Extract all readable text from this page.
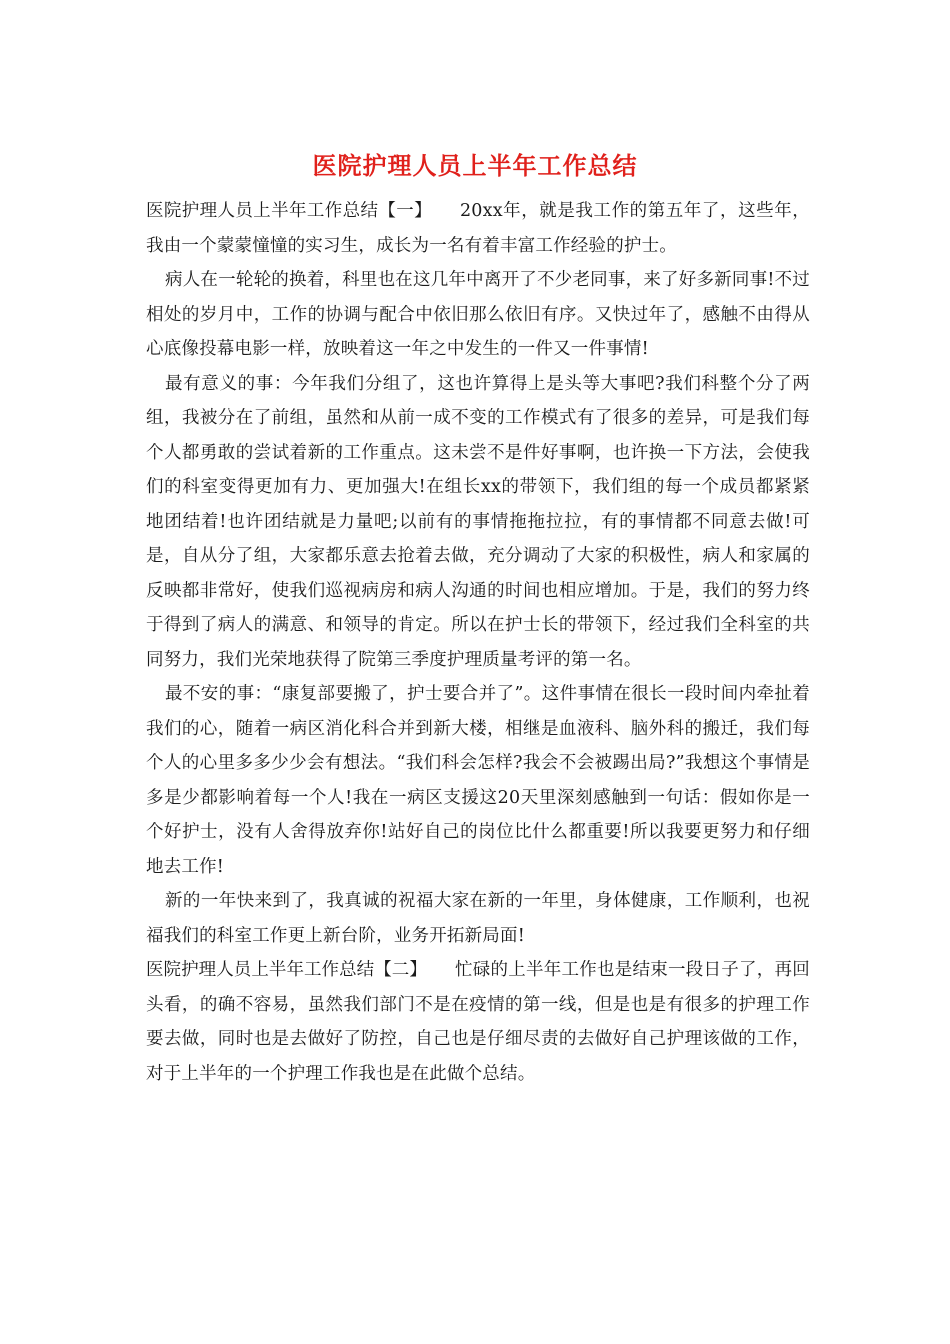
医院护理人员上半年工作总结

医院护理人员上半年工作总结【一】 20xx年，就是我工作的第五年了，这些年，我由一个蒙蒙憧憧的实习生，成长为一名有着丰富工作经验的护士。

病人在一轮轮的换着，科里也在这几年中离开了不少老同事，来了好多新同事!不过相处的岁月中，工作的协调与配合中依旧那么依旧有序。又快过年了，感触不由得从心底像投幕电影一样，放映着这一年之中发生的一件又一件事情!

最有意义的事：今年我们分组了，这也许算得上是头等大事吧?我们科整个分了两组，我被分在了前组，虽然和从前一成不变的工作模式有了很多的差异，可是我们每个人都勇敢的尝试着新的工作重点。这未尝不是件好事啊，也许换一下方法，会使我们的科室变得更加有力、更加强大!在组长xx的带领下，我们组的每一个成员都紧紧地团结着!也许团结就是力量吧;以前有的事情拖拖拉拉，有的事情都不同意去做!可是，自从分了组，大家都乐意去抢着去做，充分调动了大家的积极性，病人和家属的反映都非常好，使我们巡视病房和病人沟通的时间也相应增加。于是，我们的努力终于得到了病人的满意、和领导的肯定。所以在护士长的带领下，经过我们全科室的共同努力，我们光荣地获得了院第三季度护理质量考评的第一名。

最不安的事：“康复部要搬了，护士要合并了”。这件事情在很长一段时间内牵扯着我们的心，随着一病区消化科合并到新大楼，相继是血液科、脑外科的搬迁，我们每个人的心里多多少少会有想法。“我们科会怎样?我会不会被踢出局?”我想这个事情是多是少都影响着每一个人!我在一病区支援这20天里深刻感触到一句话：假如你是一个好护士，没有人舍得放弃你!站好自己的岗位比什么都重要!所以我要更努力和仔细地去工作!

新的一年快来到了，我真诚的祝福大家在新的一年里，身体健康，工作顺利，也祝福我们的科室工作更上新台阶，业务开拓新局面!

医院护理人员上半年工作总结【二】 忙碌的上半年工作也是结束一段日子了，再回头看，的确不容易，虽然我们部门不是在疫情的第一线，但是也是有很多的护理工作要去做，同时也是去做好了防控，自己也是仔细尽责的去做好自己护理该做的工作，对于上半年的一个护理工作我也是在此做个总结。
